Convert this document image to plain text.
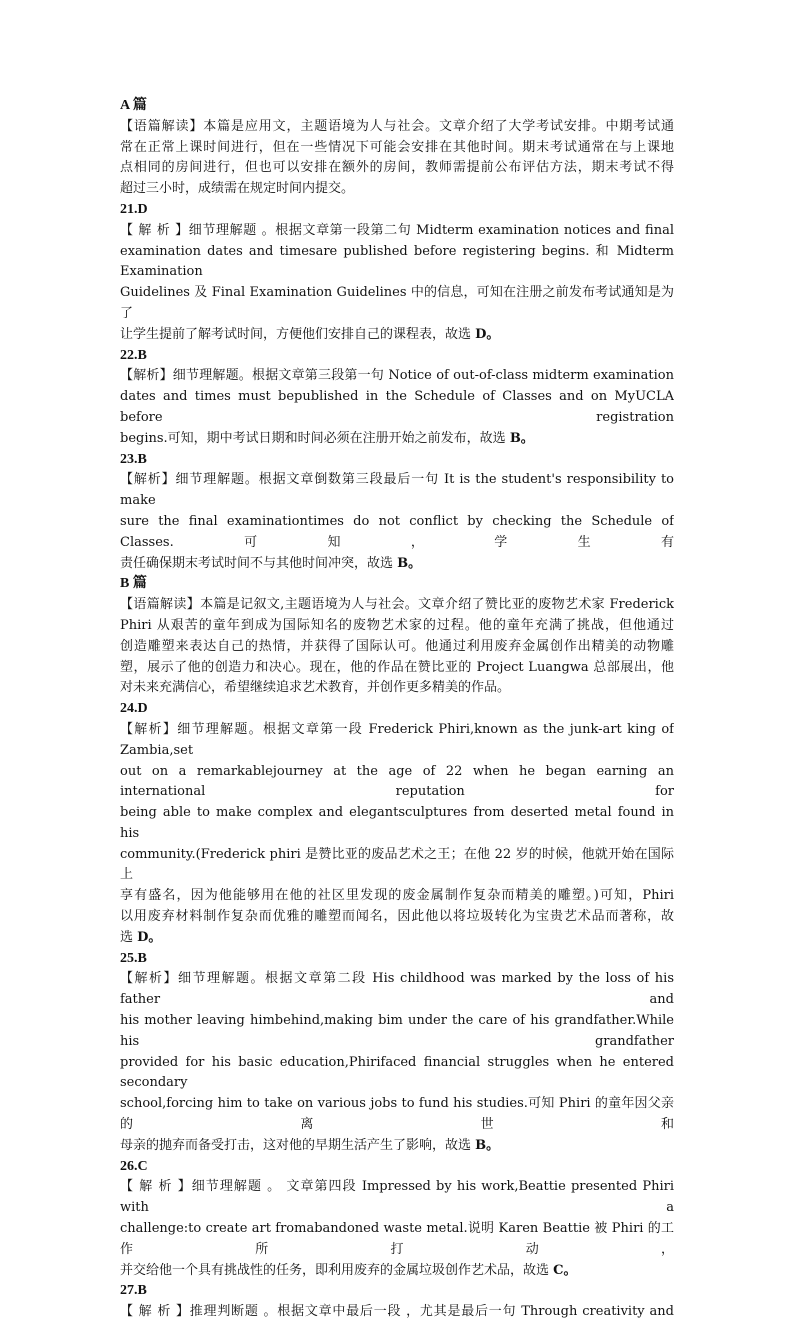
A 篇
【语篇解读】本篇是应用文，主题语境为人与社会。文章介绍了大学考试安排。中期考试通
常在正常上课时间进行，但在一些情况下可能会安排在其他时间。期末考试通常在与上课地
点相同的房间进行，但也可以安排在额外的房间，教师需提前公布评估方法，期末考试不得
超过三小时，成绩需在规定时间内提交。
21.D
【 解 析 】细节理解题 。根据文章第一段第二句 Midterm examination notices and final
examination dates and timesare published before registering begins. 和 Midterm Examination
Guidelines 及 Final Examination Guidelines 中的信息，可知在注册之前发布考试通知是为了
让学生提前了解考试时间，方便他们安排自己的课程表，故选 D。
22.B
【解析】细节理解题。根据文章第三段第一句 Notice of out-of-class midterm examination
dates and times must bepublished in the Schedule of Classes and on MyUCLA before registration
begins.可知，期中考试日期和时间必须在注册开始之前发布，故选 B。
23.B
【解析】细节理解题。根据文章倒数第三段最后一句 It is the student's responsibility to make
sure the final examinationtimes do not conflict by checking the Schedule of Classes.可知，学生有
责任确保期末考试时间不与其他时间冲突，故选 B。
B 篇
【语篇解读】本篇是记叙文,主题语境为人与社会。文章介绍了赞比亚的废物艺术家 Frederick
Phiri 从艰苦的童年到成为国际知名的废物艺术家的过程。他的童年充满了挑战，但他通过
创造雕塑来表达自己的热情，并获得了国际认可。他通过利用废弃金属创作出精美的动物雕
塑，展示了他的创造力和决心。现在，他的作品在赞比亚的 Project Luangwa 总部展出，他
对未来充满信心，希望继续追求艺术教育，并创作更多精美的作品。
24.D
【解析】细节理解题。根据文章第一段 Frederick Phiri,known as the junk-art king of Zambia,set
out on a remarkablejourney at the age of 22 when he began earning an international reputation for
being able to make complex and elegantsculptures from deserted metal found in his
community.(Frederick phiri 是赞比亚的废品艺术之王；在他 22 岁的时候，他就开始在国际上
享有盛名，因为他能够用在他的社区里发现的废金属制作复杂而精美的雕塑。)可知，Phiri
以用废弃材料制作复杂而优雅的雕塑而闻名，因此他以将垃圾转化为宝贵艺术品而著称，故
选 D。
25.B
【解析】细节理解题。根据文章第二段 His childhood was marked by the loss of his father and
his mother leaving himbehind,making bim under the care of his grandfather.While his grandfather
provided for his basic education,Phirifaced financial struggles when he entered secondary
school,forcing him to take on various jobs to fund his studies.可知 Phiri 的童年因父亲的离世和
母亲的抛弃而备受打击，这对他的早期生活产生了影响，故选 B。
26.C
【 解 析 】细节理解题 。 文章第四段 Impressed by his work,Beattie presented Phiri with a
challenge:to create art fromabandoned waste metal.说明 Karen Beattie 被 Phiri 的工作所打动，
并交给他一个具有挑战性的任务，即利用废弃的金属垃圾创作艺术品，故选 C。
27.B
【 解 析 】推理判断题 。根据文章中最后一段 ，尤其是最后一句 Through creativity and
